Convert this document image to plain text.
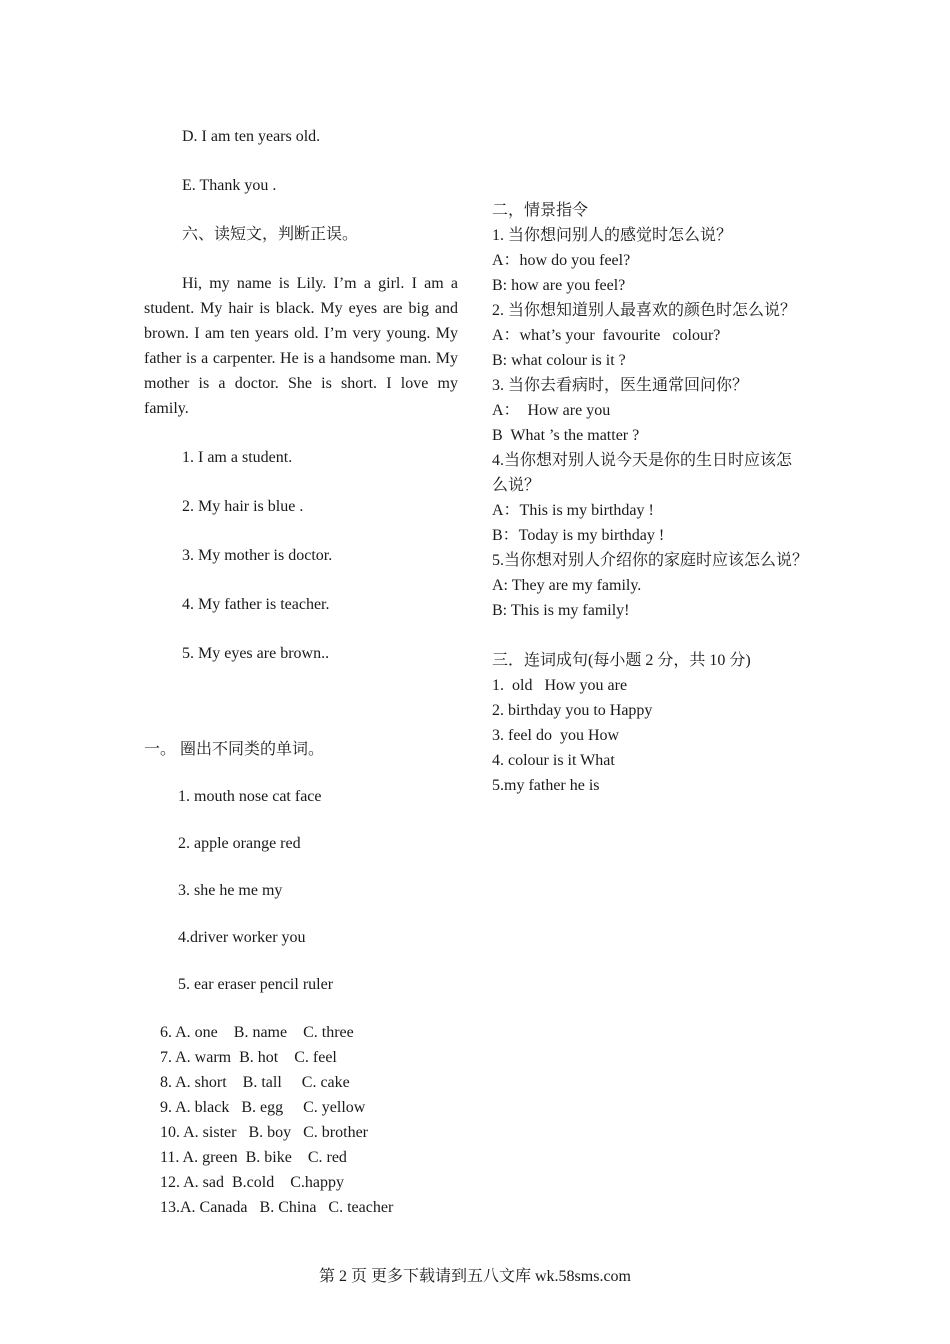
D. I am ten years old.
E. Thank you .
六、读短文，判断正误。
Hi, my name is Lily. I’m a girl. I am a student. My hair is black. My eyes are big and brown. I am ten years old. I’m very young. My father is a carpenter. He is a handsome man. My mother is a doctor. She is short. I love my family.
1. I am a student.
2. My hair is blue .
3. My mother is doctor.
4. My father is teacher.
5. My eyes are brown..
一。 圈出不同类的单词。
1. mouth nose cat face
2. apple orange red
3. she he me my
4.driver worker you
5. ear eraser pencil ruler
6. A. one    B. name    C. three
7. A. warm  B. hot    C. feel
8. A. short    B. tall     C. cake
9. A. black   B. egg     C. yellow
10. A. sister   B. boy   C. brother
11. A. green  B. bike    C. red
12. A. sad  B.cold    C.happy
13.A. Canada   B. China   C. teacher
二，情景指令
1. 当你想问别人的感觉时怎么说？
A：how do you feel?
B: how are you feel?
2. 当你想知道别人最喜欢的颜色时怎么说？
A：what’s your  favourite   colour?
B: what colour is it ?
3. 当你去看病时，医生通常回问你？
A：  How are you
B  What ’s the matter ?
4.当你想对别人说今天是你的生日时应该怎
么说？
A：This is my birthday !
B：Today is my birthday !
5.当你想对别人介绍你的家庭时应该怎么说？
A: They are my family.
B: This is my family!
三．连词成句(每小题 2 分，共 10 分)
1.  old   How you are
2. birthday you to Happy
3. feel do  you How
4. colour is it What
5.my father he is
第 2 页 更多下载请到五八文库 wk.58sms.com
